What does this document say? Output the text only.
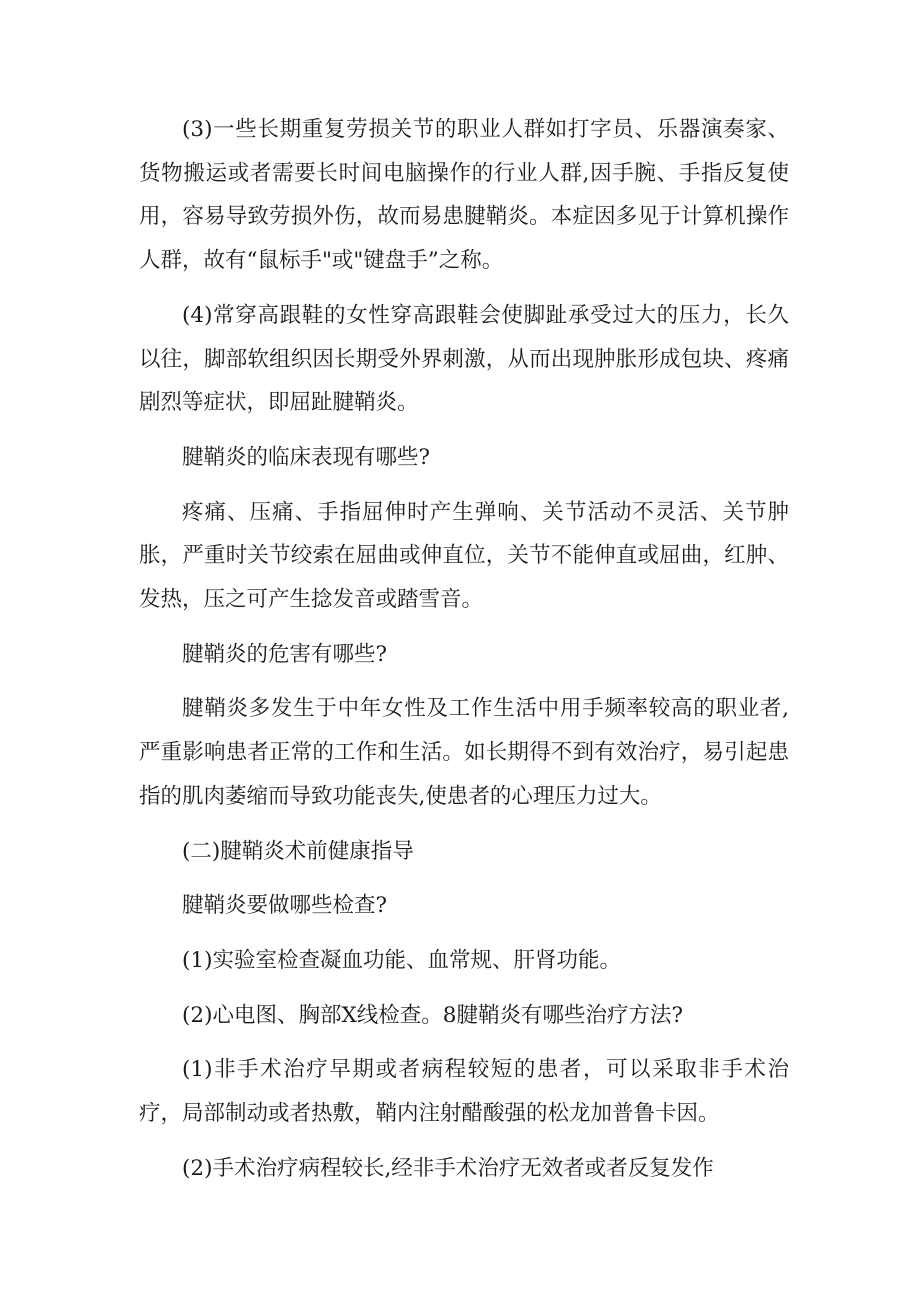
(3)一些长期重复劳损关节的职业人群如打字员、乐器演奏家、货物搬运或者需要长时间电脑操作的行业人群,因手腕、手指反复使用，容易导致劳损外伤，故而易患腱鞘炎。本症因多见于计算机操作人群，故有“鼠标手"或"键盘手”之称。

(4)常穿高跟鞋的女性穿高跟鞋会使脚趾承受过大的压力，长久以往，脚部软组织因长期受外界刺激，从而出现肿胀形成包块、疼痛剧烈等症状，即屈趾腱鞘炎。

腱鞘炎的临床表现有哪些?

疼痛、压痛、手指屈伸时产生弹响、关节活动不灵活、关节肿胀，严重时关节绞索在屈曲或伸直位，关节不能伸直或屈曲，红肿、发热，压之可产生捻发音或踏雪音。

腱鞘炎的危害有哪些?

腱鞘炎多发生于中年女性及工作生活中用手频率较高的职业者,严重影响患者正常的工作和生活。如长期得不到有效治疗，易引起患指的肌肉萎缩而导致功能丧失,使患者的心理压力过大。

(二)腱鞘炎术前健康指导

腱鞘炎要做哪些检查?

(1)实验室检查凝血功能、血常规、肝肾功能。

(2)心电图、胸部X线检查。8腱鞘炎有哪些治疗方法?

(1)非手术治疗早期或者病程较短的患者，可以采取非手术治疗，局部制动或者热敷，鞘内注射醋酸强的松龙加普鲁卡因。

(2)手术治疗病程较长,经非手术治疗无效者或者反复发作
